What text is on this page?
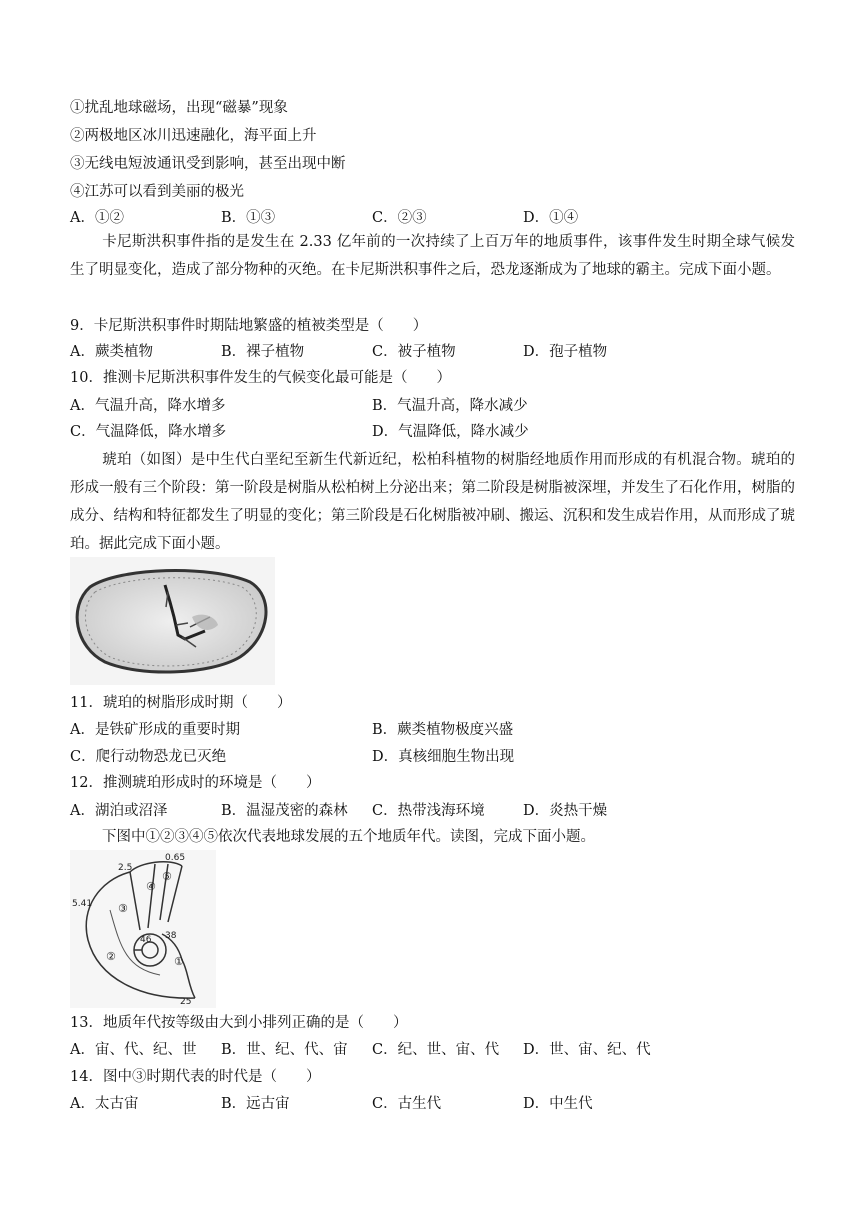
①扰乱地球磁场，出现“磁暴”现象
②两极地区冰川迅速融化，海平面上升
③无线电短波通讯受到影响，甚至出现中断
④江苏可以看到美丽的极光
A．①②	B．①③	C．②③	D．①④
卡尼斯洪积事件指的是发生在 2.33 亿年前的一次持续了上百万年的地质事件，该事件发生时期全球气候发生了明显变化，造成了部分物种的灭绝。在卡尼斯洪积事件之后，恐龙逐渐成为了地球的霸主。完成下面小题。
9．卡尼斯洪积事件时期陆地繁盛的植被类型是（　　）
A．蕨类植物	B．裸子植物	C．被子植物	D．孢子植物
10．推测卡尼斯洪积事件发生的气候变化最可能是（　　）
A．气温升高，降水增多	B．气温升高，降水减少
C．气温降低，降水增多	D．气温降低，降水减少
琥珀（如图）是中生代白垩纪至新生代新近纪，松柏科植物的树脂经地质作用而形成的有机混合物。琥珀的形成一般有三个阶段：第一阶段是树脂从松柏树上分泌出来；第二阶段是树脂被深埋，并发生了石化作用，树脂的成分、结构和特征都发生了明显的变化；第三阶段是石化树脂被冲刷、搬运、沉积和发生成岩作用，从而形成了琥珀。据此完成下面小题。
11．琥珀的树脂形成时期（　　）
A．是铁矿形成的重要时期	B．蕨类植物极度兴盛
C．爬行动物恐龙已灭绝	D．真核细胞生物出现
12．推测琥珀形成时的环境是（　　）
A．湖泊或沼泽	B．温湿茂密的森林 C．热带浅海环境	D．炎热干燥
下图中①②③④⑤依次代表地球发展的五个地质年代。读图，完成下面小题。
2.5
0.65
5.41
46 38
25
④
③
②	①
⑤
13．地质年代按等级由大到小排列正确的是（　　）
A．宙、代、纪、世 B．世、纪、代、宙 C．纪、世、宙、代 D．世、宙、纪、代
14．图中③时期代表的时代是（　　）
A．太古宙	B．远古宙	C．古生代	D．中生代
